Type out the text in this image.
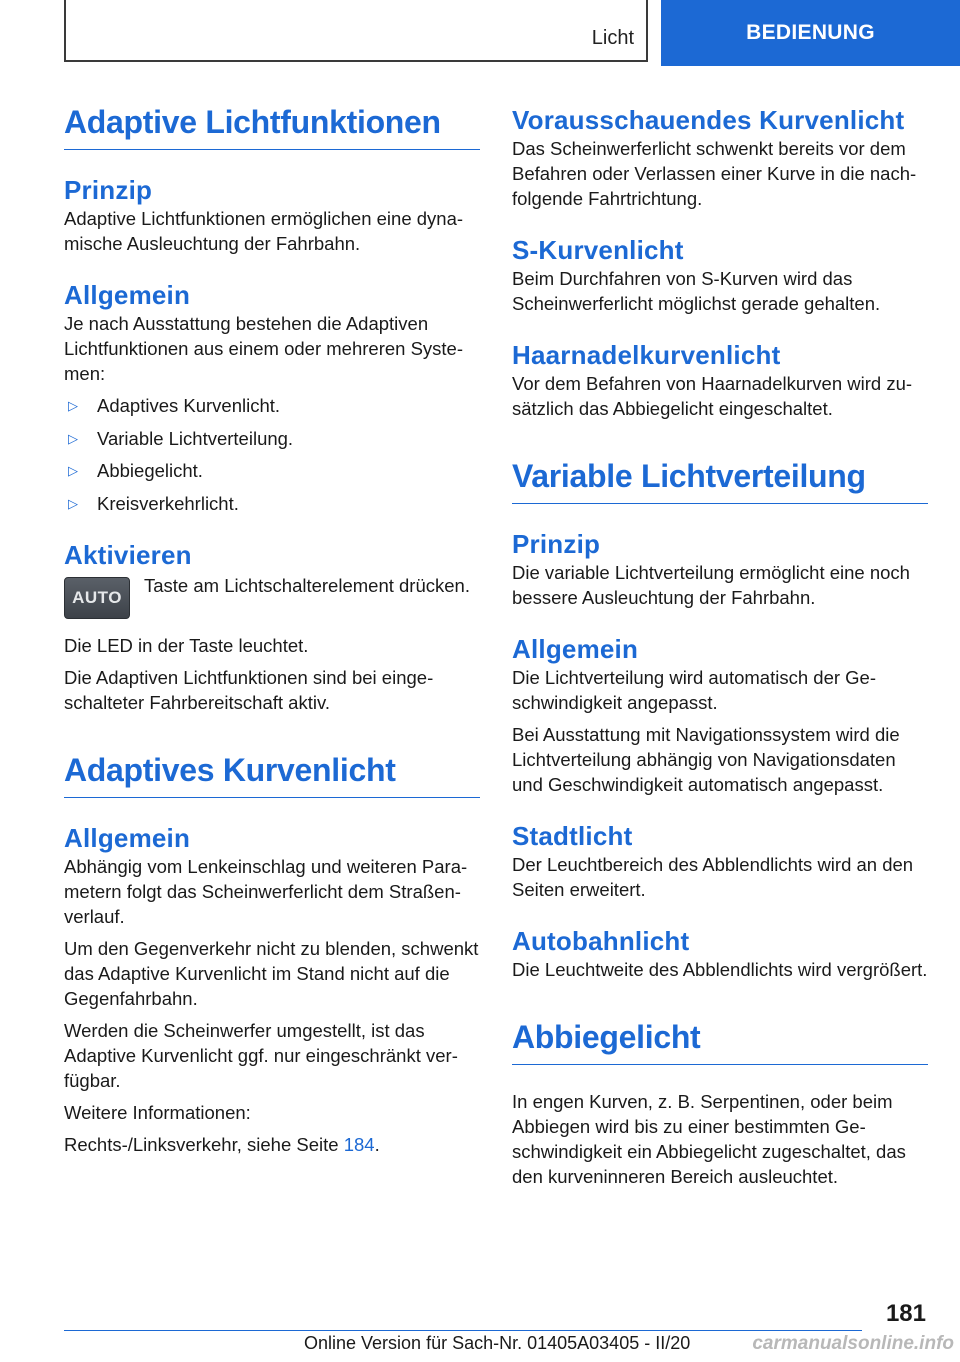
Licht	BEDIENUNG
Adaptive Lichtfunktionen
Prinzip

Adaptive Lichtfunktionen ermöglichen eine dynamische Ausleuchtung der Fahrbahn.

Allgemein

Je nach Ausstattung bestehen die Adaptiven Lichtfunktionen aus einem oder mehreren Systemen:

▷	Adaptives Kurvenlicht.
▷	Variable Lichtverteilung.
▷	Abbiegelicht.
▷	Kreisverkehrlicht.
Aktivieren
AUTO
Taste am Lichtschalterelement drücken.

Die LED in der Taste leuchtet.

Die Adaptiven Lichtfunktionen sind bei eingeschalteter Fahrbereitschaft aktiv.

Adaptives Kurvenlicht
Allgemein

Abhängig vom Lenkeinschlag und weiteren Parametern folgt das Scheinwerferlicht dem Straßenverlauf.

Um den Gegenverkehr nicht zu blenden, schwenkt das Adaptive Kurvenlicht im Stand nicht auf die Gegenfahrbahn.

Werden die Scheinwerfer umgestellt, ist das Adaptive Kurvenlicht ggf. nur eingeschränkt verfügbar.

Weitere Informationen:

Rechts-/Linksverkehr, siehe Seite 184.

Vorausschauendes Kurvenlicht

Das Scheinwerferlicht schwenkt bereits vor dem Befahren oder Verlassen einer Kurve in die nachfolgende Fahrtrichtung.

S-Kurvenlicht

Beim Durchfahren von S-Kurven wird das Scheinwerferlicht möglichst gerade gehalten.

Haarnadelkurvenlicht

Vor dem Befahren von Haarnadelkurven wird zusätzlich das Abbiegelicht eingeschaltet.

Variable Lichtverteilung
Prinzip

Die variable Lichtverteilung ermöglicht eine noch bessere Ausleuchtung der Fahrbahn.

Allgemein

Die Lichtverteilung wird automatisch der Geschwindigkeit angepasst.

Bei Ausstattung mit Navigationssystem wird die Lichtverteilung abhängig von Navigationsdaten und Geschwindigkeit automatisch angepasst.

Stadtlicht

Der Leuchtbereich des Abblendlichts wird an den Seiten erweitert.

Autobahnlicht

Die Leuchtweite des Abblendlichts wird vergrößert.

Abbiegelicht

In engen Kurven, z. B. Serpentinen, oder beim Abbiegen wird bis zu einer bestimmten Geschwindigkeit ein Abbiegelicht zugeschaltet, das den kurveninneren Bereich ausleuchtet.

181
Online Version für Sach-Nr. 01405A03405 - II/20	carmanualsonline.info
